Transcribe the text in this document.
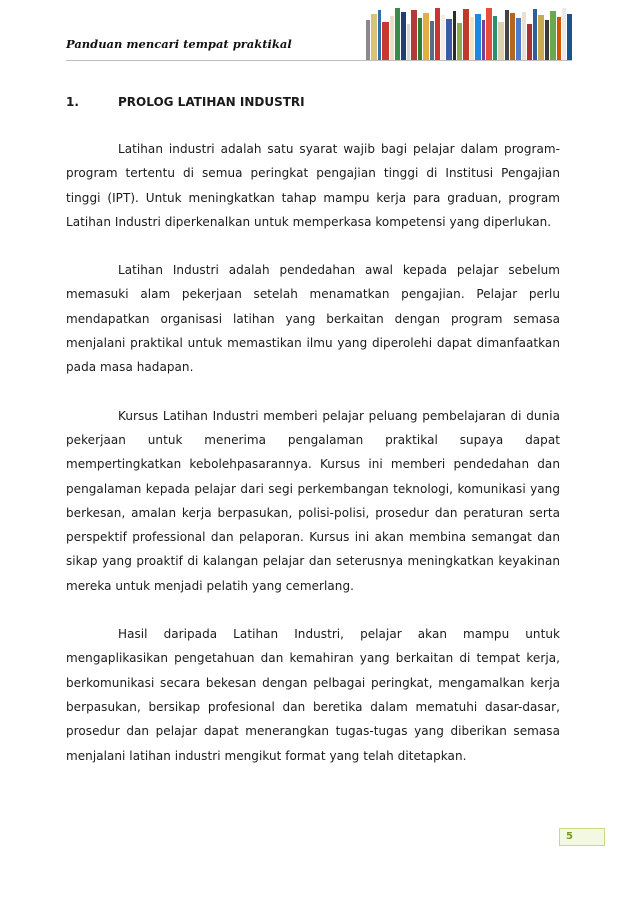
Panduan mencari tempat praktikal
1.	PROLOG LATIHAN INDUSTRI

Latihan industri adalah satu syarat wajib bagi pelajar dalam program-program tertentu di semua peringkat pengajian tinggi di Institusi Pengajian tinggi (IPT). Untuk meningkatkan tahap mampu kerja para graduan, program Latihan Industri diperkenalkan untuk memperkasa kompetensi yang diperlukan.

Latihan Industri adalah pendedahan awal kepada pelajar sebelum memasuki alam pekerjaan setelah menamatkan pengajian. Pelajar perlu mendapatkan organisasi latihan yang berkaitan dengan program semasa menjalani praktikal untuk memastikan ilmu yang diperolehi dapat dimanfaatkan pada masa hadapan.

Kursus Latihan Industri memberi pelajar peluang pembelajaran di dunia pekerjaan untuk menerima pengalaman praktikal supaya dapat mempertingkatkan kebolehpasarannya. Kursus ini memberi pendedahan dan pengalaman kepada pelajar dari segi perkembangan teknologi, komunikasi yang berkesan, amalan kerja berpasukan, polisi-polisi, prosedur dan peraturan serta perspektif professional dan pelaporan. Kursus ini akan membina semangat dan sikap yang proaktif di kalangan pelajar dan seterusnya meningkatkan keyakinan mereka untuk menjadi pelatih yang cemerlang.

Hasil daripada Latihan Industri, pelajar akan mampu untuk mengaplikasikan pengetahuan dan kemahiran yang berkaitan di tempat kerja, berkomunikasi secara bekesan dengan pelbagai peringkat, mengamalkan kerja berpasukan, bersikap profesional dan beretika dalam mematuhi dasar-dasar, prosedur dan pelajar dapat menerangkan tugas-tugas yang diberikan semasa menjalani latihan industri mengikut format yang telah ditetapkan.

5
